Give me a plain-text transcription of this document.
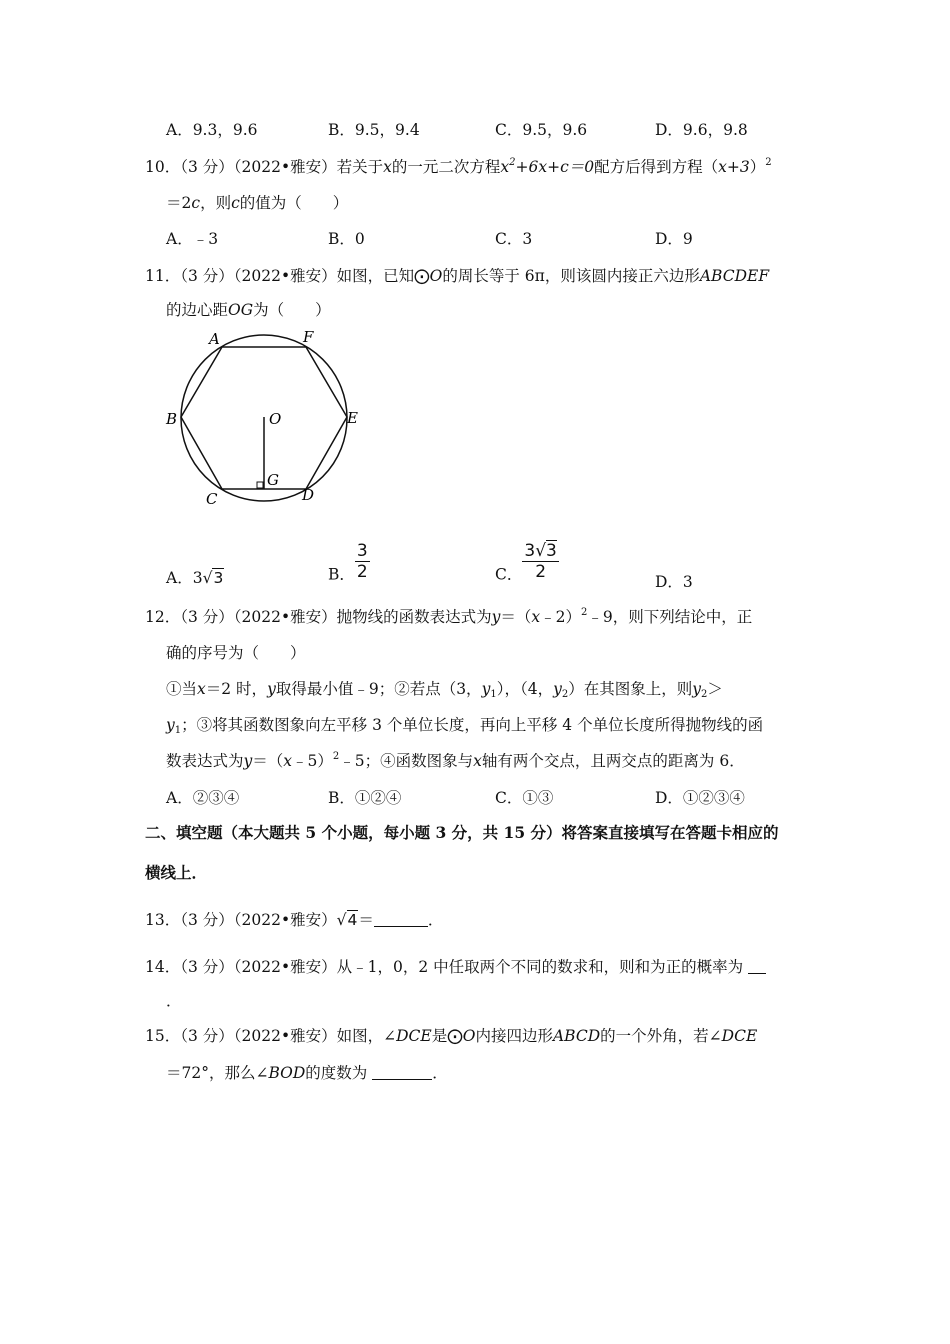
A．9.3，9.6	B．9.5，9.4	C．9.5，9.6	D．9.6，9.8
10．（3 分）（2022•雅安）若关于x的一元二次方程$x^2+6x+c=0$配方后得到方程$(x+3)^2$
＝2c，则c的值为（　　）
A．﹣3	B．0	C．3	D．9
11．（3 分）（2022•雅安）如图，已知⨀O的周长等于 6π，则该圆内接正六边形ABCDEF
的边心距OG为（　　）
A	F
B	E
O
G
C	D
A．3√3	B． $\frac{3}{2}$	C． $\frac{3√3}{2}$	D．3
12．（3 分）（2022•雅安）抛物线的函数表达式为y＝（x﹣2）$^2$﹣9，则下列结论中，正
确的序号为（　　）
①当x＝2 时，y取得最小值﹣9；②若点（3，$y_1$），（4，$y_2$）在其图象上，则$y_2>$
$y_1$；③将其函数图象向左平移 3 个单位长度，再向上平移 4 个单位长度所得抛物线的函
数表达式为y＝（x﹣5）$^2$﹣5；④函数图象与x轴有两个交点，且两交点的距离为 6．
A．②③④	B．①②④	C．①③	D．①②③④
二、填空题（本大题共 5 个小题，每小题 3 分，共 15 分）将答案直接填写在答题卡相应的
横线上．
13．（3 分）（2022•雅安）√4＝	．
14．（3 分）（2022•雅安）从﹣1，0，2 中任取两个不同的数求和，则和为正的概率为
．
15．（3 分）（2022•雅安）如图，∠DCE是⨀O内接四边形ABCD的一个外角，若∠DCE
＝72°，那么∠BOD的度数为	．
